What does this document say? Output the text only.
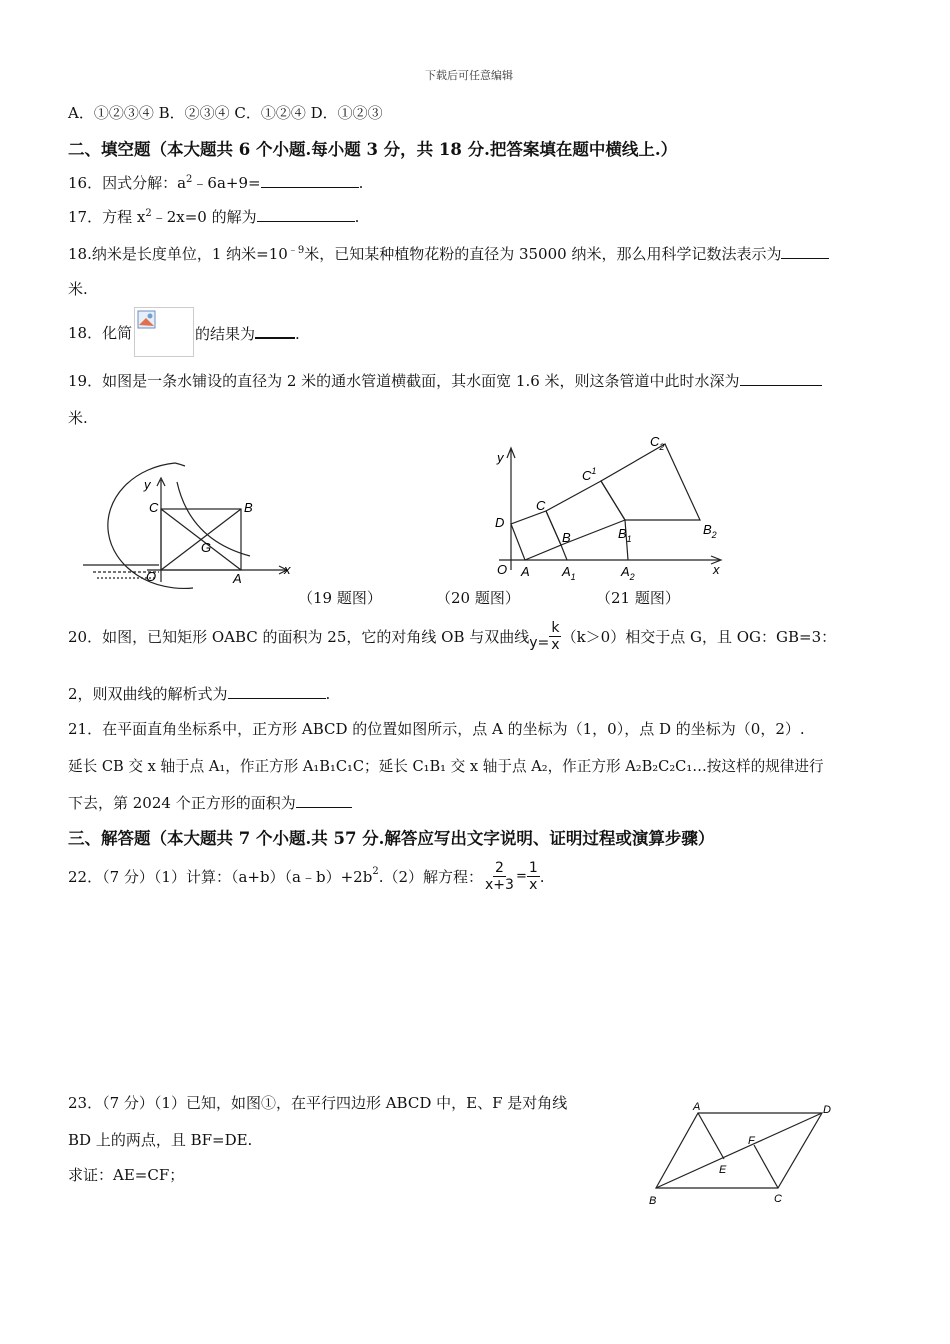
下载后可任意编辑
A．①②③④ B．②③④ C．①②④ D．①②③
二、填空题（本大题共 6 个小题.每小题 3 分，共 18 分.把答案填在题中横线上.）
16．因式分解：$a^2﹣6a+9=$	.
17．方程 $x^2﹣2x=0$ 的解为	.
18.纳米是长度单位，1 纳米$=10^{﹣9}$米，已知某种植物花粉的直径为 35000 纳米，那么用科学记数法表示为
米.
18．化简	的结果为	.
19．如图是一条水铺设的直径为 2 米的通水管道横截面，其水面宽 1.6 米，则这条管道中此时水深为
米.
y
C	B
G
O	A
x
y
D
C
B
$C^1$
$B_1$
$C_2$
$B_2$
O A $A_1$	$A_2$	x
（19 题图）	（20 题图）	（21 题图）
20．如图，已知矩形 OABC 的面积为 25，它的对角线 OB 与双曲线 $y= \frac{k}{x} (k>0)$相交于点 G，且 OG：GB=3：
2，则双曲线的解析式为	.
21．在平面直角坐标系中，正方形 ABCD 的位置如图所示，点 A 的坐标为（1，0），点 D 的坐标为（0，2）.
延长 CB 交 x 轴于点 A₁，作正方形 A₁B₁C₁C；延长 C₁B₁ 交 x 轴于点 A₂，作正方形 A₂B₂C₂C₁…按这样的规律进行
下去，第 2024 个正方形的面积为
三、解答题（本大题共 7 个小题.共 57 分.解答应写出文字说明、证明过程或演算步骤）
22．（7 分）（1）计算：$(a+b)(a﹣b)+2b^2$ .（2）解方程： $\frac{2}{x+3} = \frac{1}{x}$ .
23．（7 分）（1）已知，如图①，在平行四边形 ABCD 中，E、F 是对角线
BD 上的两点，且 BF=DE.
求证：AE=CF；
A	D
F
E
B	C
